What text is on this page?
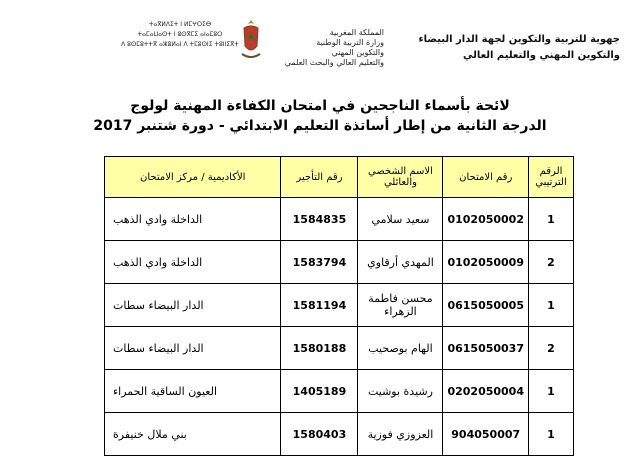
ⵜⴰⴳⵍⴷⵉⵜ ⵏ ⵍⵎⵖⵔⵉⴱ
ⵜⴰⵎⴰⵡⴰⵙⵜ ⵏ ⵓⵙⴳⵎⵉ ⴰⵏⴰⵎⵓⵔ
ⴷ ⵓⵙⵎⵓⵜⵜⴳ ⴰⵣⵓⵍⴰⵏ ⴷ ⵜⵎⵓⵙⵏⵉ ⵜⵓⵏⵏⵉⴳⵜ
المملكة المغربية
وزارة التربية الوطنية
والتكوين المهني
والتعليم العالي والبحث العلمي
جهوية للتربية والتكوين لجهة الدار البيضاء
والتكوين المهني والتعليم العالي
لائحة بأسماء الناجحين في امتحان الكفاءة المهنية لولوج
الدرجة الثانية من إطار أساتذة التعليم الابتدائي - دورة شتنبر 2017
الرقم الترتيبي	رقم الامتحان	الاسم الشخصي والعائلي	رقم التأجير	الأكاديمية / مركز الامتحان
1	0102050002	سعيد سلامي	1584835	الداخلة وادي الذهب
2	0102050009	المهدي أرقاوي	1583794	الداخلة وادي الذهب
1	0615050005	محسن فاطمة الزهراء	1581194	الدار البيضاء سطات
2	0615050037	الهام بوصحيب	1580188	الدار البيضاء سطات
1	0202050004	رشيدة بوشيت	1405189	العيون الساقية الحمراء
1	904050007	العزوزي فوزية	1580403	بني ملال خنيفرة
